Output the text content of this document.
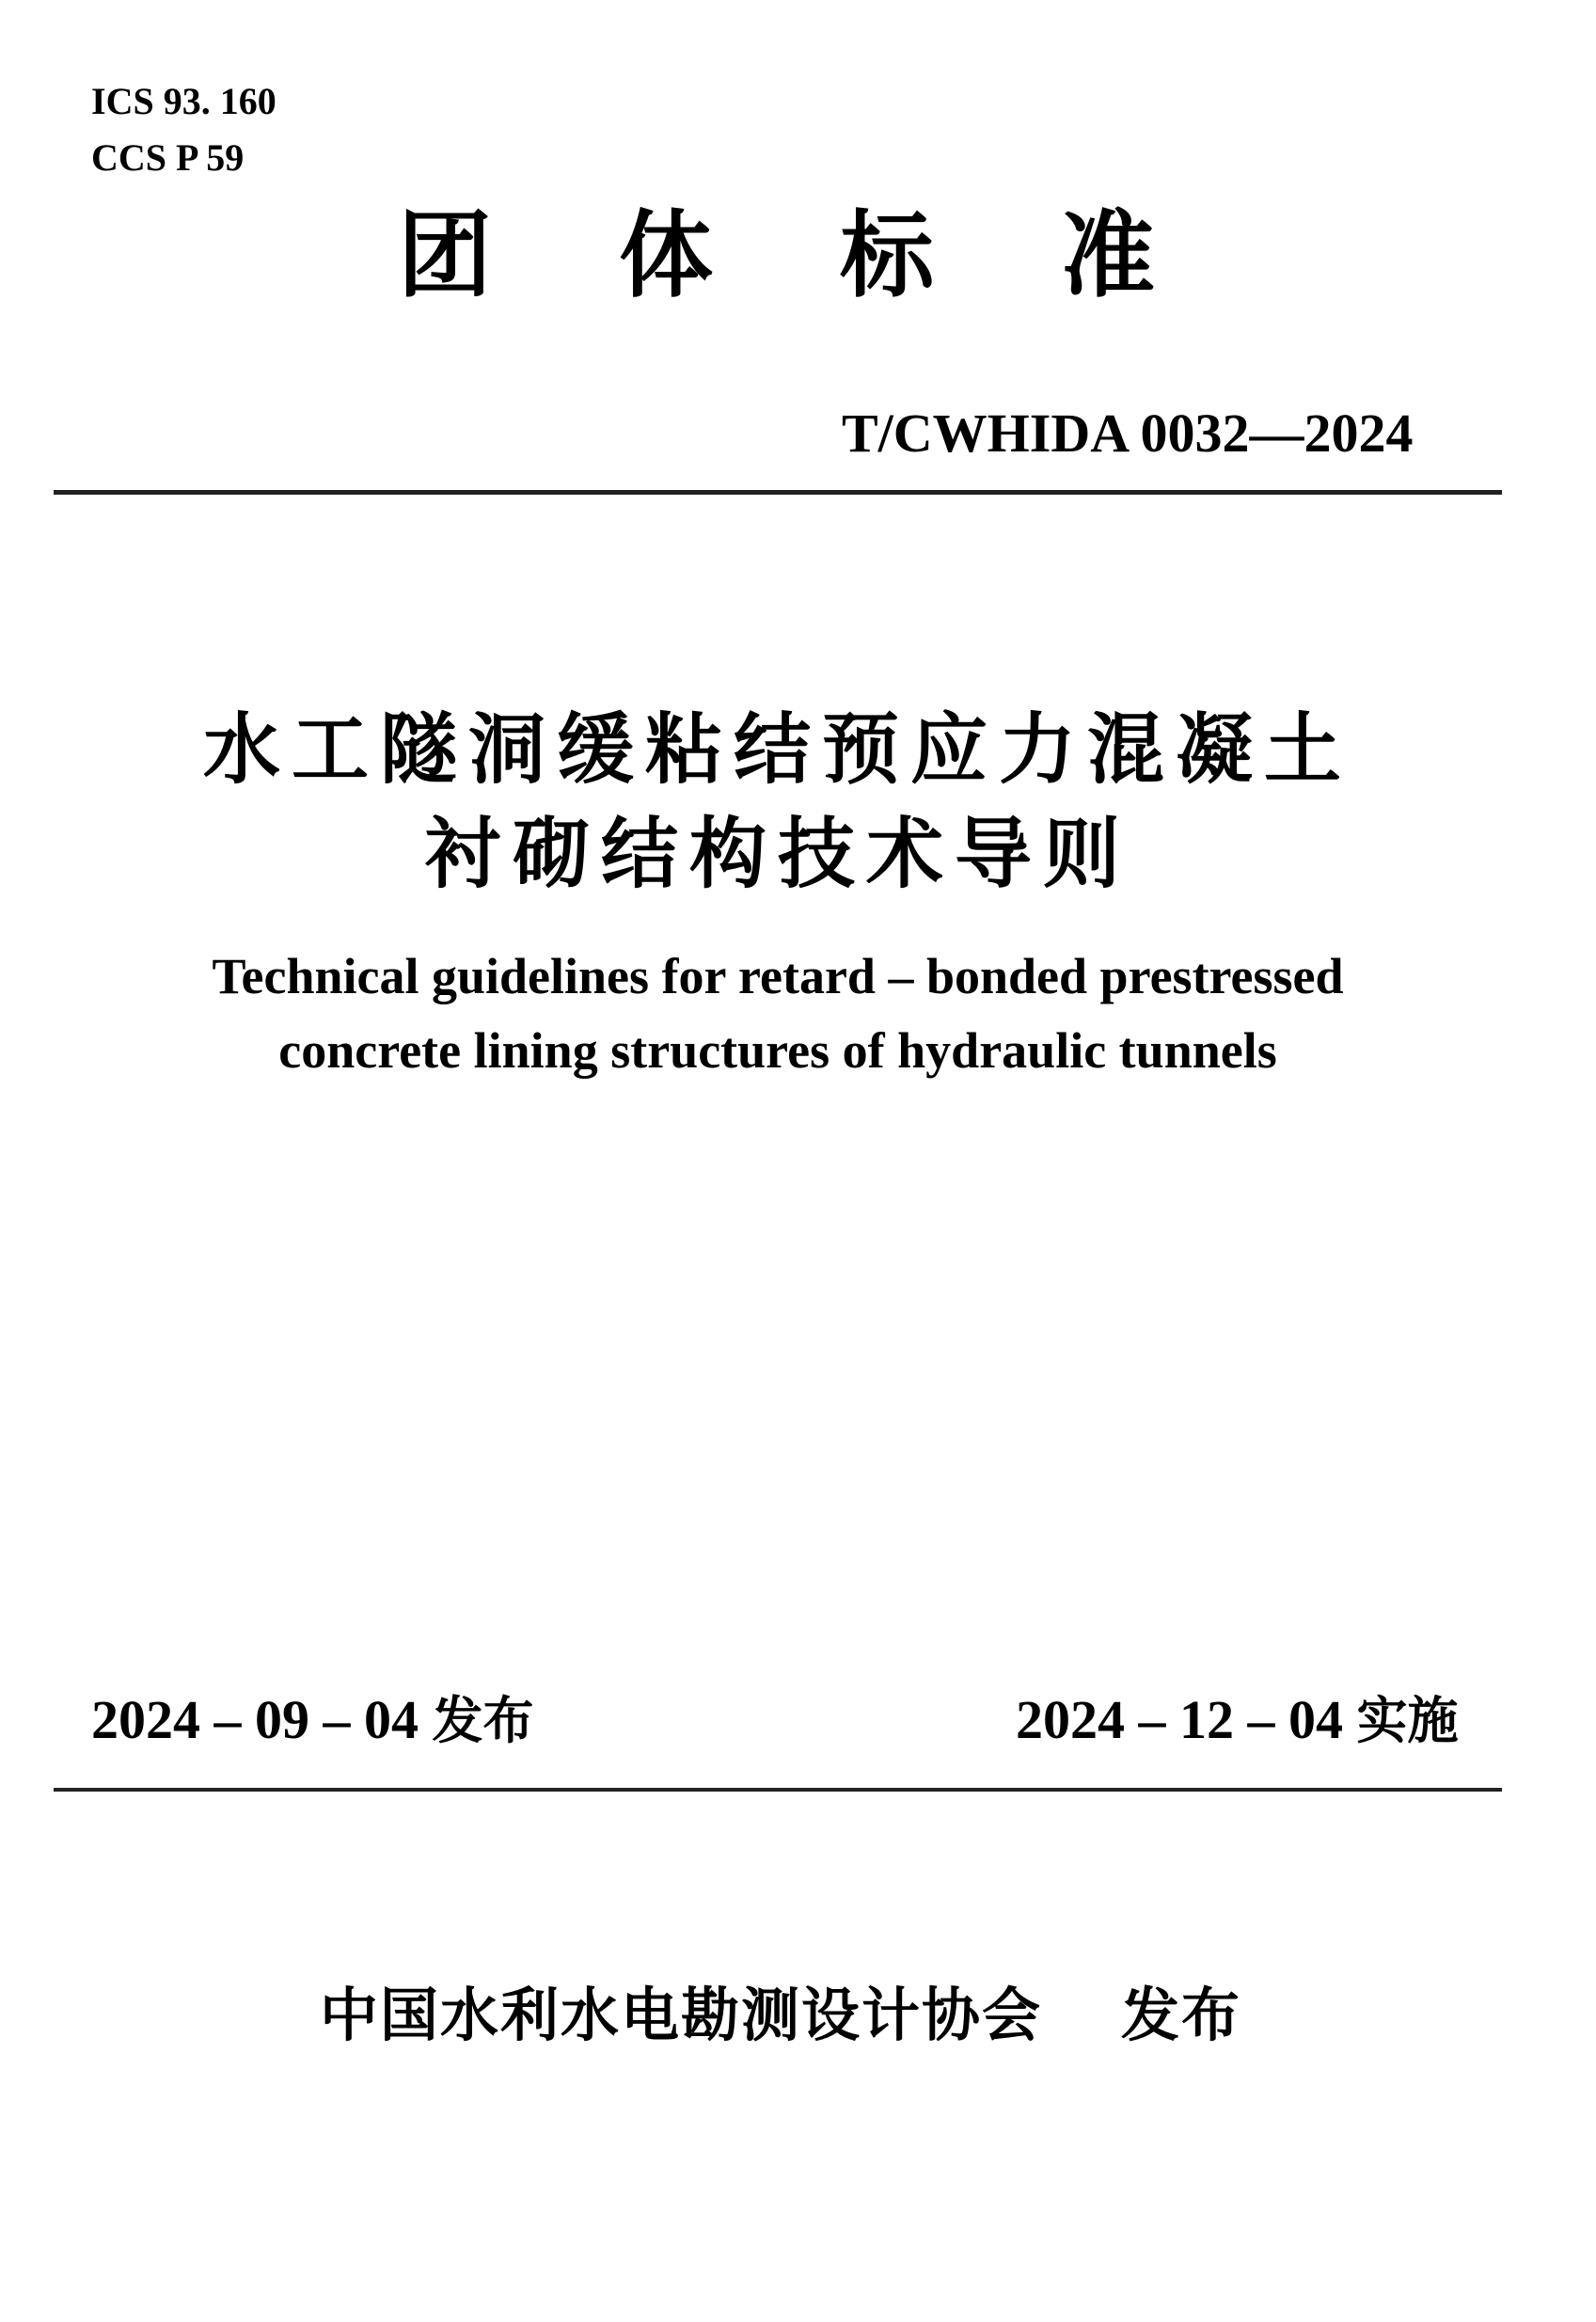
ICS 93. 160
CCS P 59
团体标准
T/CWHIDA 0032—2024
水工隧洞缓粘结预应力混凝土
衬砌结构技术导则
Technical guidelines for retard – bonded prestressed
concrete lining structures of hydraulic tunnels
2024 – 09 – 04 发布	2024 – 12 – 04 实施
中国水利水电勘测设计协会 发布
